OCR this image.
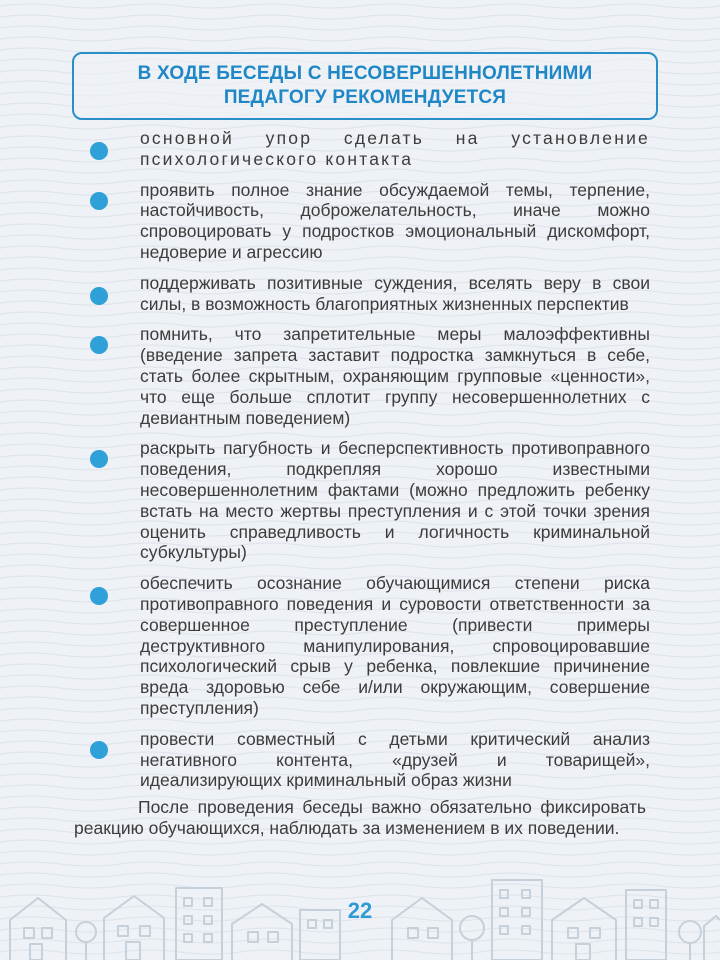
В ХОДЕ БЕСЕДЫ С НЕСОВЕРШЕННОЛЕТНИМИ
ПЕДАГОГУ РЕКОМЕНДУЕТСЯ
основной упор сделать на установление психологического контакта
проявить полное знание обсуждаемой темы, терпение, настойчивость, доброжелательность, иначе можно спровоцировать у подростков эмоциональный дискомфорт, недоверие и агрессию
поддерживать позитивные суждения, вселять веру в свои силы, в возможность благоприятных жизненных перспектив
помнить, что запретительные меры малоэффективны (введение запрета заставит подростка замкнуться в себе, стать более скрытным, охраняющим групповые «ценности», что еще больше сплотит группу несовершеннолетних с девиантным поведением)
раскрыть пагубность и бесперспективность противоправного поведения, подкрепляя хорошо известными несовершеннолетним фактами (можно предложить ребенку встать на место жертвы преступления и с этой точки зрения оценить справедливость и логичность криминальной субкультуры)
обеспечить осознание обучающимися степени риска противоправного поведения и суровости ответственности за совершенное преступление (привести примеры деструктивного манипулирования, спровоцировавшие психологический срыв у ребенка, повлекшие причинение вреда здоровью себе и/или окружающим, совершение преступления)
провести совместный с детьми критический анализ негативного контента, «друзей и товарищей», идеализирующих криминальный образ жизни

После проведения беседы важно обязательно фиксировать реакцию обучающихся, наблюдать за изменением в их поведении.

22
